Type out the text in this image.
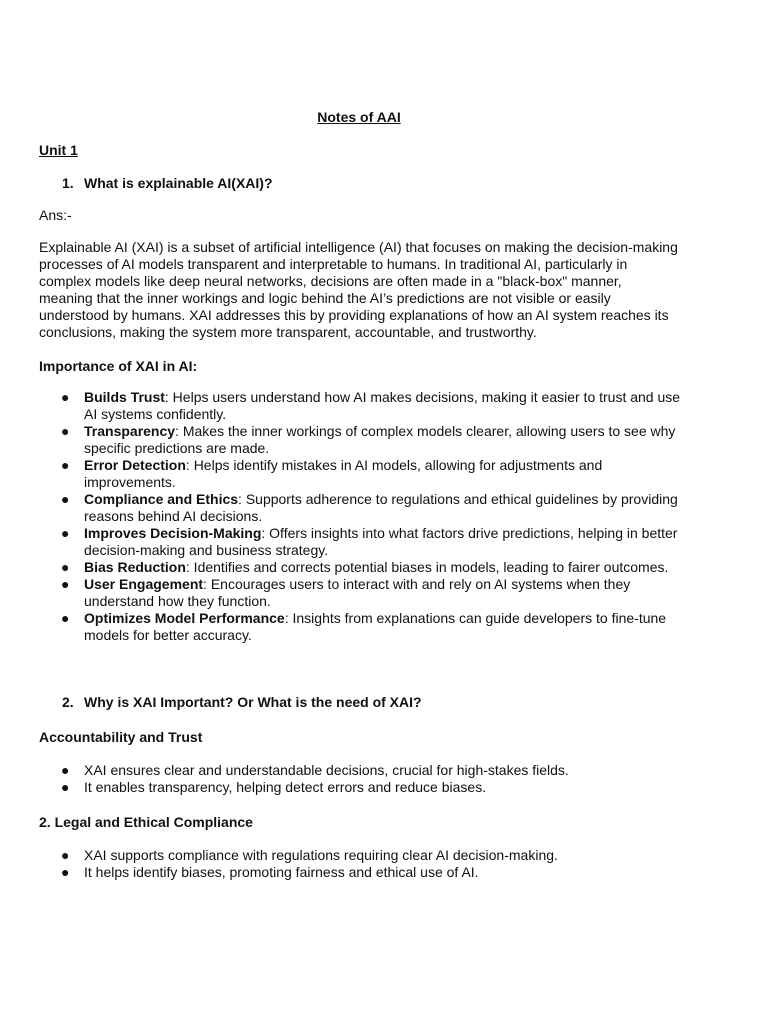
Notes of AAI

Unit 1

1. What is explainable AI(XAI)?

Ans:-

Explainable AI (XAI) is a subset of artificial intelligence (AI) that focuses on making the decision-making processes of AI models transparent and interpretable to humans. In traditional AI, particularly in complex models like deep neural networks, decisions are often made in a "black-box" manner, meaning that the inner workings and logic behind the AI’s predictions are not visible or easily understood by humans. XAI addresses this by providing explanations of how an AI system reaches its conclusions, making the system more transparent, accountable, and trustworthy.

Importance of XAI in AI:

● Builds Trust: Helps users understand how AI makes decisions, making it easier to trust and use AI systems confidently.
● Transparency: Makes the inner workings of complex models clearer, allowing users to see why specific predictions are made.
● Error Detection: Helps identify mistakes in AI models, allowing for adjustments and improvements.
● Compliance and Ethics: Supports adherence to regulations and ethical guidelines by providing reasons behind AI decisions.
● Improves Decision-Making: Offers insights into what factors drive predictions, helping in better decision-making and business strategy.
● Bias Reduction: Identifies and corrects potential biases in models, leading to fairer outcomes.
● User Engagement: Encourages users to interact with and rely on AI systems when they understand how they function.
● Optimizes Model Performance: Insights from explanations can guide developers to fine-tune models for better accuracy.

2. Why is XAI Important? Or What is the need of XAI?

Accountability and Trust

● XAI ensures clear and understandable decisions, crucial for high-stakes fields.
● It enables transparency, helping detect errors and reduce biases.

2. Legal and Ethical Compliance

● XAI supports compliance with regulations requiring clear AI decision-making.
● It helps identify biases, promoting fairness and ethical use of AI.
